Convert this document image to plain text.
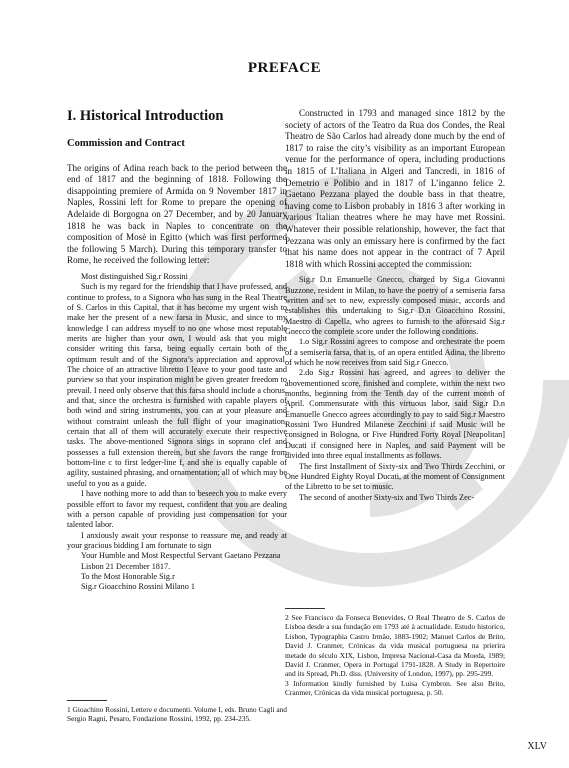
PREFACE
I. Historical Introduction
Commission and Contract

The origins of Adina reach back to the period between the end of 1817 and the beginning of 1818. Following the disappointing premiere of Armida on 9 November 1817 in Naples, Rossini left for Rome to prepare the opening of Adelaide di Borgogna on 27 December, and by 20 January 1818 he was back in Naples to concentrate on the composition of Mosè in Egitto (which was first performed the following 5 March). During this temporary transfer to Rome, he received the following letter:

Most distinguished Sig.r Rossini

Such is my regard for the friendship that I have professed, and continue to profess, to a Signora who has sung in the Real Theatre of S. Carlos in this Capital, that it has become my urgent wish to make her the present of a new farsa in Music, and since to my knowledge I can address myself to no one whose most reputable merits are higher than your own, I would ask that you might consider writing this farsa, being equally certain both of the optimum result and of the Signora’s appreciation and approval. The choice of an attractive libretto I leave to your good taste and purview so that your inspiration might be given greater freedom to prevail. I need only observe that this farsa should include a chorus, and that, since the orchestra is furnished with capable players of both wind and string instruments, you can at your pleasure and without constraint unleash the full flight of your imagination, certain that all of them will accurately execute their respective tasks. The above-mentioned Signora sings in soprano clef and possesses a full extension therein, but she favors the range from bottom-line c to first ledger-line f, and she is equally capable of agility, sustained phrasing, and ornamentation; all of which may be useful to you as a guide.

I have nothing more to add than to beseech you to make every possible effort to favor my request, confident that you are dealing with a person capable of providing just compensation for your talented labor.

I anxiously await your response to reassure me, and ready at your gracious bidding I am fortunate to sign

Your Humble and Most Respectful Servant Gaetano Pezzana

Lisbon 21 December 1817.

To the Most Honorable Sig.r

Sig.r Gioacchino Rossini Milano 1

1 Gioachino Rossini, Lettere e documenti. Volume I, eds. Bruno Cagli and Sergio Ragni, Pesaro, Fondazione Rossini, 1992, pp. 234-235.

Constructed in 1793 and managed since 1812 by the society of actors of the Teatro da Rua dos Condes, the Real Theatro de São Carlos had already done much by the end of 1817 to raise the city’s visibility as an important European venue for the performance of opera, including productions in 1815 of L’Italiana in Algeri and Tancredi, in 1816 of Demetrio e Polibio and in 1817 of L’inganno felice 2. Gaetano Pezzana played the double bass in that theatre, having come to Lisbon probably in 1816 3 after working in various Italian theatres where he may have met Rossini. Whatever their possible relationship, however, the fact that Pezzana was only an emissary here is confirmed by the fact that his name does not appear in the contract of 7 April 1818 with which Rossini accepted the commission:

Sig.r D.n Emanuelle Gnecco, charged by Sig.a Giovanni Buzzone, resident in Milan, to have the poetry of a semiseria farsa written and set to new, expressly composed music, accords and establishes this undertaking to Sig.r D.n Gioacchino Rossini, Maestro di Capella, who agrees to furnish to the aforesaid Sig.r Gnecco the complete score under the following conditions.

1.o Sig.r Rossini agrees to compose and orchestrate the poem of a semiseria farsa, that is, of an opera entitled Adina, the libretto of which he now receives from said Sig.r Gnecco.

2.do Sig.r Rossini has agreed, and agrees to deliver the abovementioned score, finished and complete, within the next two months, beginning from the Tenth day of the current month of April. Commensurate with this virtuous labor, said Sig.r D.n Emanuelle Gnecco agrees accordingly to pay to said Sig.r Maestro Rossini Two Hundred Milanese Zecchini if said Music will be consigned in Bologna, or Five Hundred Forty Royal [Neapolitan] Ducati if consigned here in Naples, and said Payment will be divided into three equal installments as follows.

The first Installment of Sixty-six and Two Thirds Zecchini, or One Hundred Eighty Royal Ducati, at the moment of Consignment of the Libretto to be set to music.

The second of another Sixty-six and Two Thirds Zec-

2 See Francisco da Fonseca Benevides, O Real Theatro de S. Carlos de Lisboa desde a sua fundação em 1793 até à actualidade. Estudo historico, Lisbon, Typographia Castro Irmão, 1883-1902; Manuel Carlos de Brito, David J. Cranmer, Crónicas da vida musical portuguesa na prierira metade do século XIX, Lisbon, Impresa Nacional-Casa da Moeda, 1989; David J. Cranmer, Opera in Portugal 1791-1828. A Study in Repertoire and its Spread, Ph.D. diss. (University of London, 1997), pp. 295-299.

3 Information kindly furnished by Luisa Cymbron. See also Brito, Cranmer, Crónicas da vida musical portuguesa, p. 50.

XLV
